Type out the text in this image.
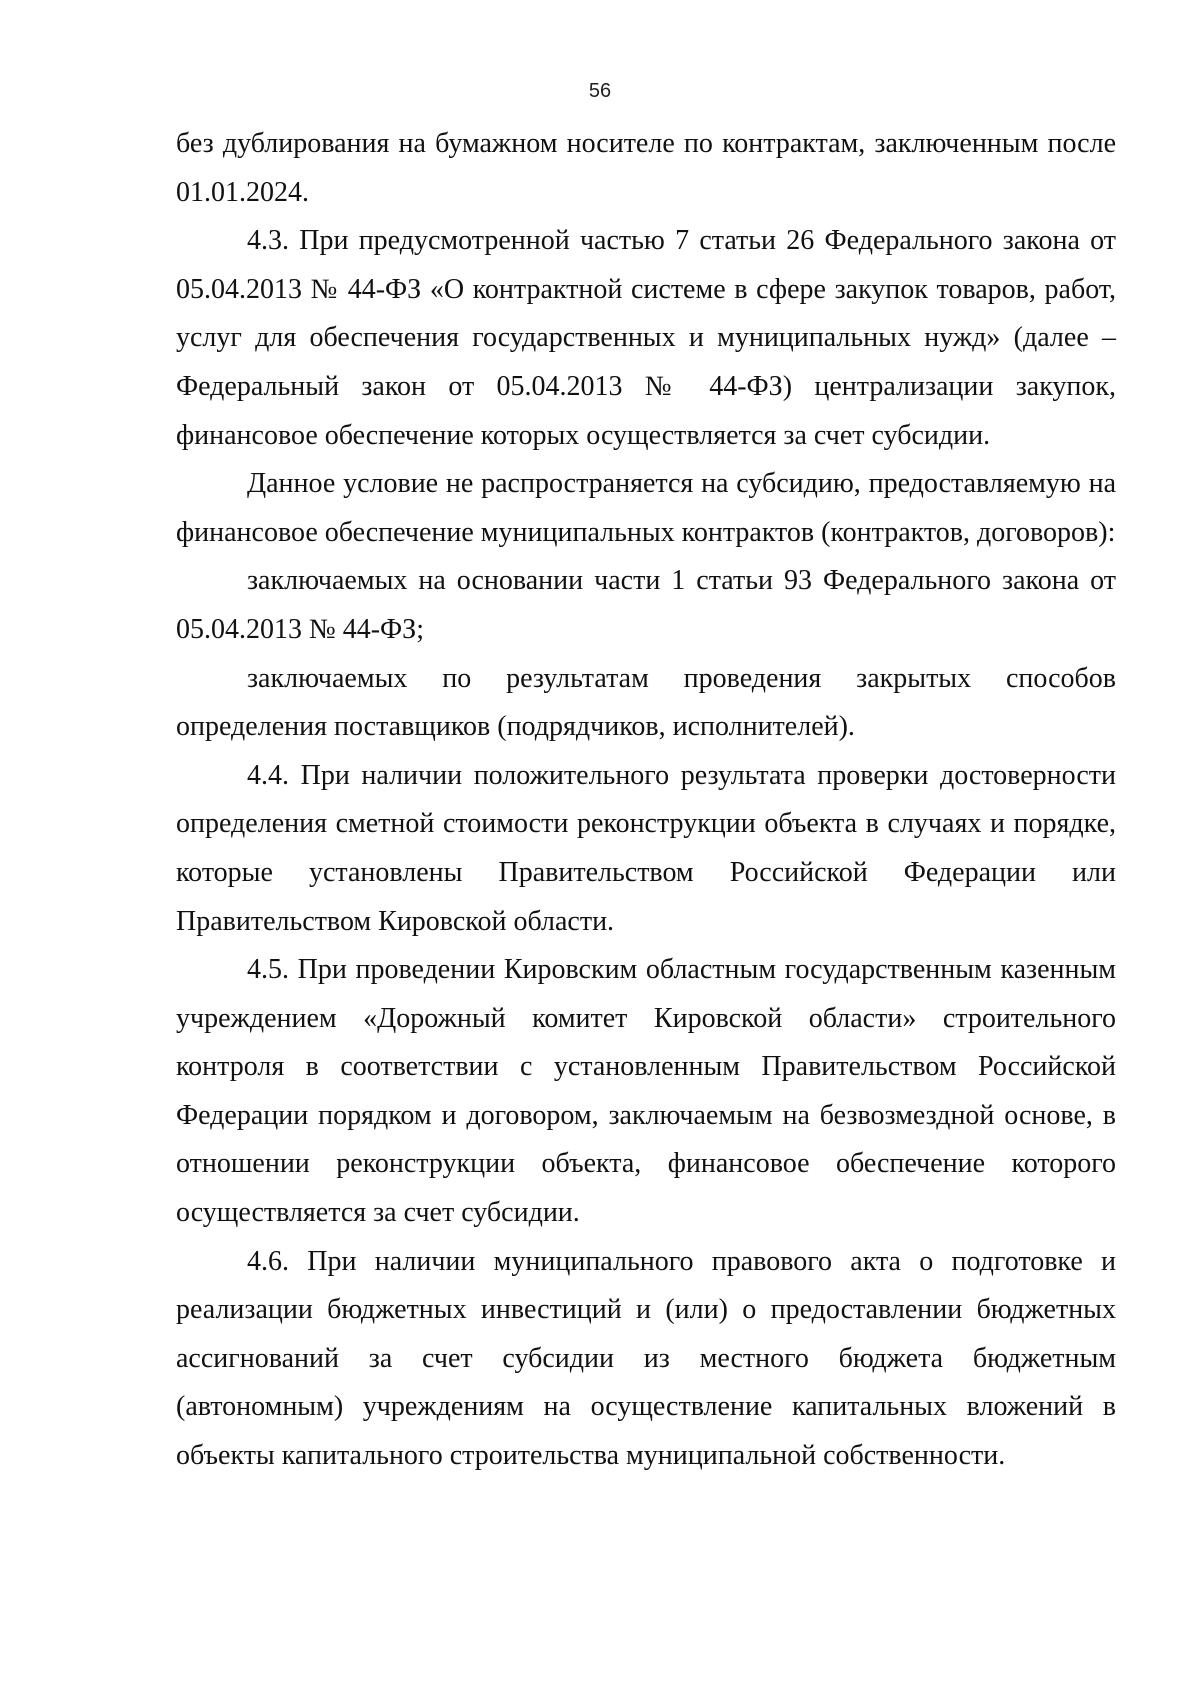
56

без дублирования на бумажном носителе по контрактам, заключенным после 01.01.2024.

4.3. При предусмотренной частью 7 статьи 26 Федерального закона от 05.04.2013 № 44-ФЗ «О контрактной системе в сфере закупок товаров, работ, услуг для обеспечения государственных и муниципальных нужд» (далее – Федеральный закон от 05.04.2013 № 44-ФЗ) централизации закупок, финансовое обеспечение которых осуществляется за счет субсидии.

Данное условие не распространяется на субсидию, предоставляемую на финансовое обеспечение муниципальных контрактов (контрактов, договоров):

заключаемых на основании части 1 статьи 93 Федерального закона от 05.04.2013 № 44-ФЗ;

заключаемых по результатам проведения закрытых способов определения поставщиков (подрядчиков, исполнителей).

4.4. При наличии положительного результата проверки достоверности определения сметной стоимости реконструкции объекта в случаях и порядке, которые установлены Правительством Российской Федерации или Правительством Кировской области.

4.5. При проведении Кировским областным государственным казенным учреждением «Дорожный комитет Кировской области» строительного контроля в соответствии с установленным Правительством Российской Федерации порядком и договором, заключаемым на безвозмездной основе, в отношении реконструкции объекта, финансовое обеспечение которого осуществляется за счет субсидии.

4.6. При наличии муниципального правового акта о подготовке и реализации бюджетных инвестиций и (или) о предоставлении бюджетных ассигнований за счет субсидии из местного бюджета бюджетным (автономным) учреждениям на осуществление капитальных вложений в объекты капитального строительства муниципальной собственности.
